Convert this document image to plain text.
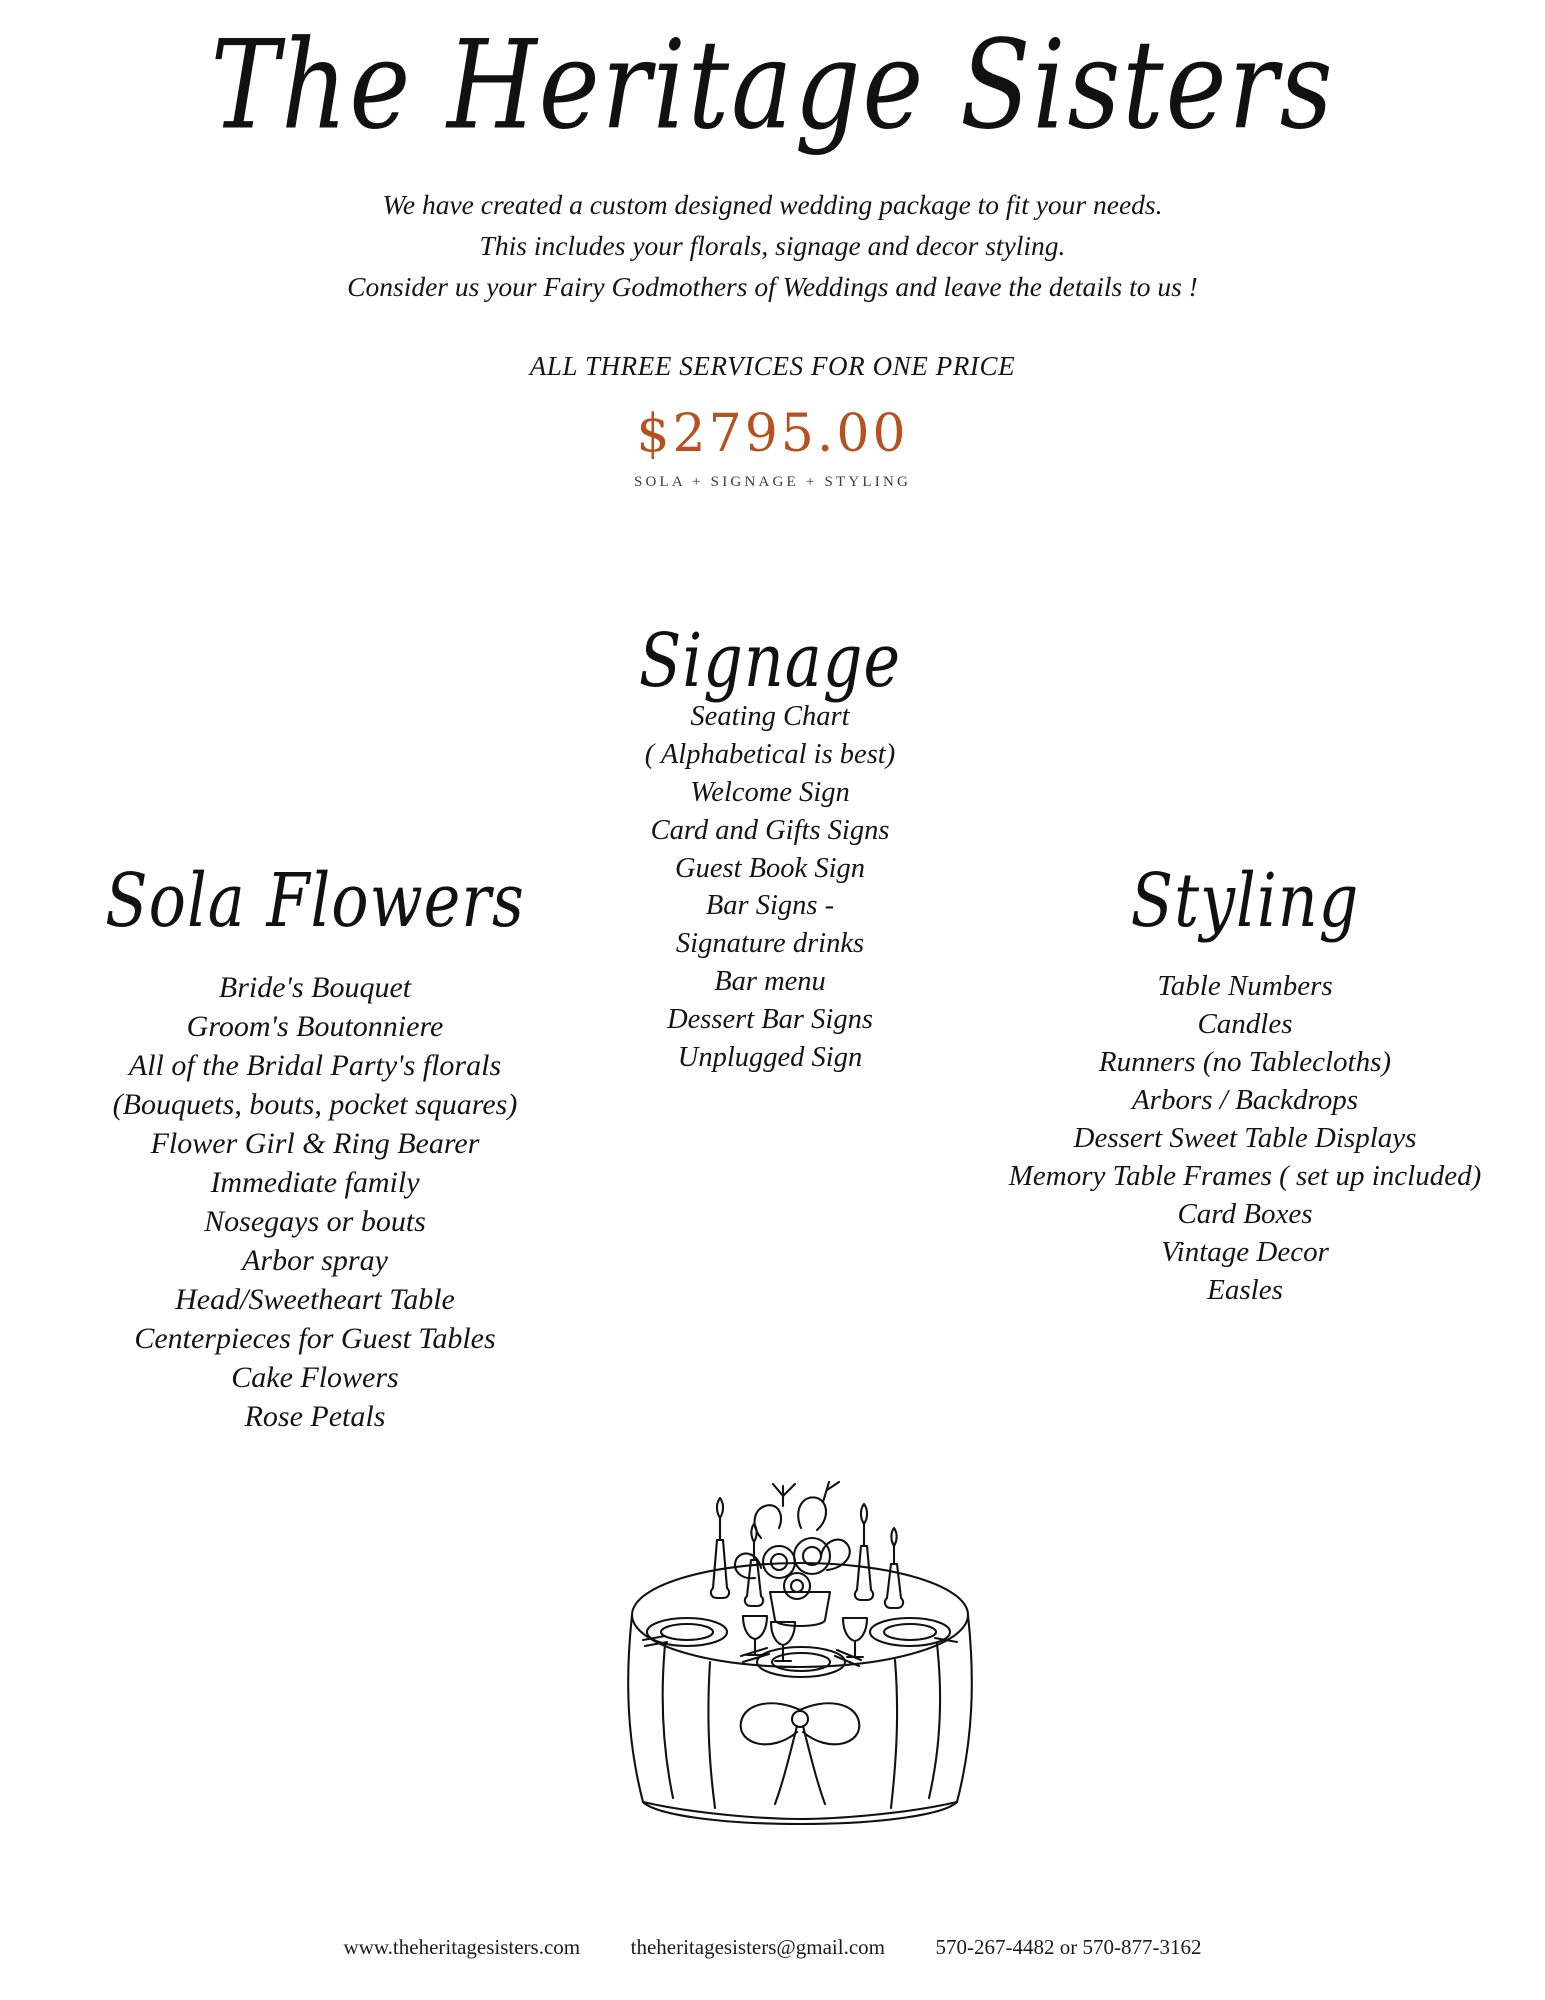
The Heritage Sisters
We have created a custom designed wedding package to fit your needs.
This includes your florals, signage and decor styling.
Consider us your Fairy Godmothers of Weddings and leave the details to us !
ALL THREE SERVICES FOR ONE PRICE
$2795.00
SOLA + SIGNAGE + STYLING
Signage
Seating Chart
( Alphabetical is best)
Welcome Sign
Card and Gifts Signs
Guest Book Sign
Bar Signs -
Signature drinks
Bar menu
Dessert Bar Signs
Unplugged Sign
Sola Flowers
Bride's Bouquet
Groom's Boutonniere
All of the Bridal Party's florals
(Bouquets, bouts, pocket squares)
Flower Girl & Ring Bearer
Immediate family
Nosegays or bouts
Arbor spray
Head/Sweetheart Table
Centerpieces for Guest Tables
Cake Flowers
Rose Petals
Styling
Table Numbers
Candles
Runners (no Tablecloths)
Arbors / Backdrops
Dessert Sweet Table Displays
Memory Table Frames ( set up included)
Card Boxes
Vintage Decor
Easles
www.theheritagesisters.com theheritagesisters@gmail.com 570-267-4482 or 570-877-3162
